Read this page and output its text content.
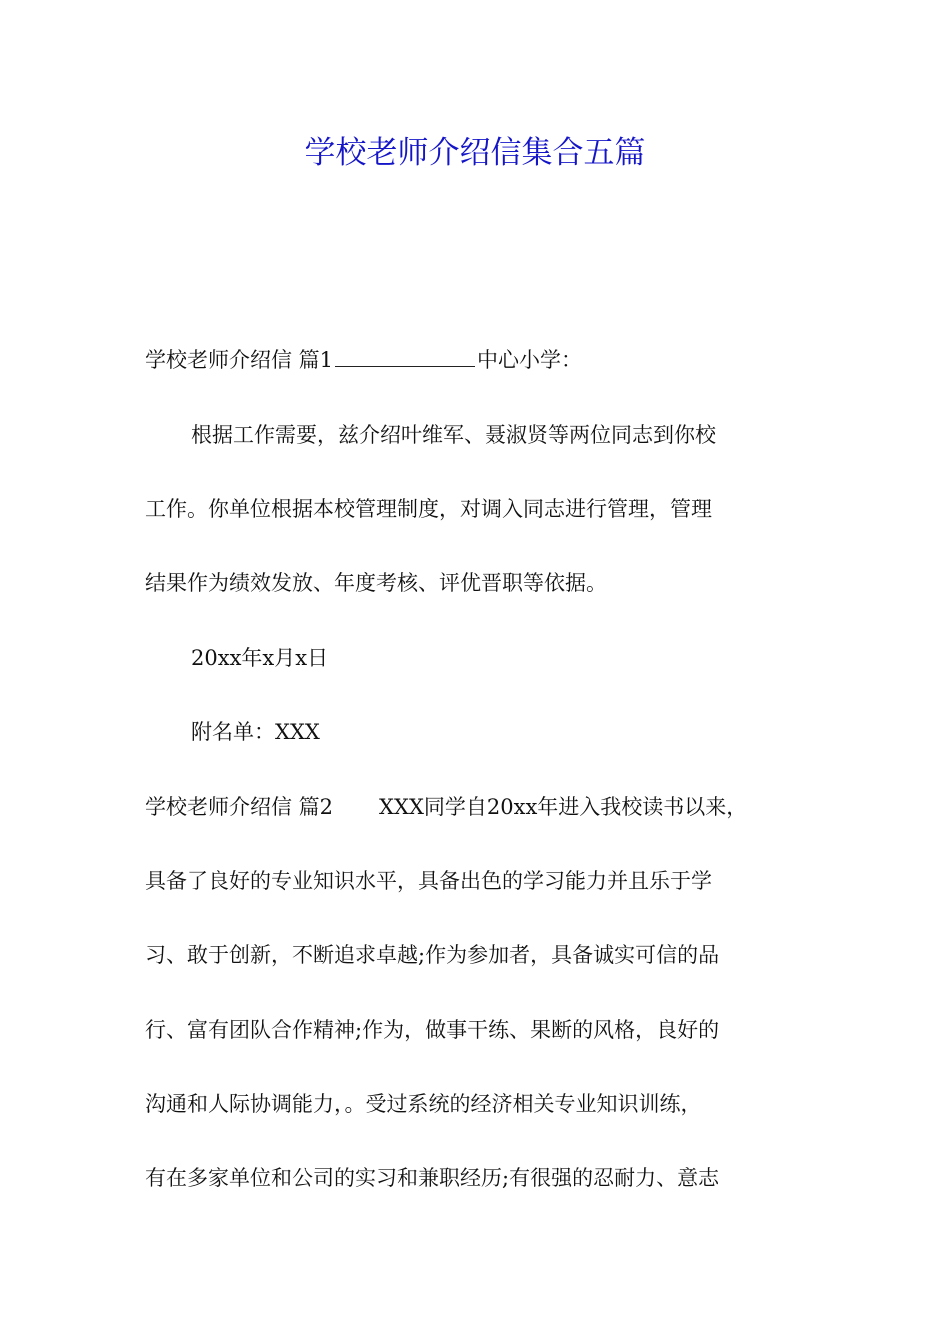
学校老师介绍信集合五篇
学校老师介绍信 篇1	中心小学：
根据工作需要，兹介绍叶维军、聂淑贤等两位同志到你校
工作。你单位根据本校管理制度，对调入同志进行管理，管理
结果作为绩效发放、年度考核、评优晋职等依据。
20xx年x月x日
附名单：XXX
学校老师介绍信 篇2 XXX同学自20xx年进入我校读书以来，
具备了良好的专业知识水平，具备出色的学习能力并且乐于学
习、敢于创新，不断追求卓越;作为参加者，具备诚实可信的品
行、富有团队合作精神;作为，做事干练、果断的风格，良好的
沟通和人际协调能力，。受过系统的经济相关专业知识训练，
有在多家单位和公司的实习和兼职经历;有很强的忍耐力、意志
